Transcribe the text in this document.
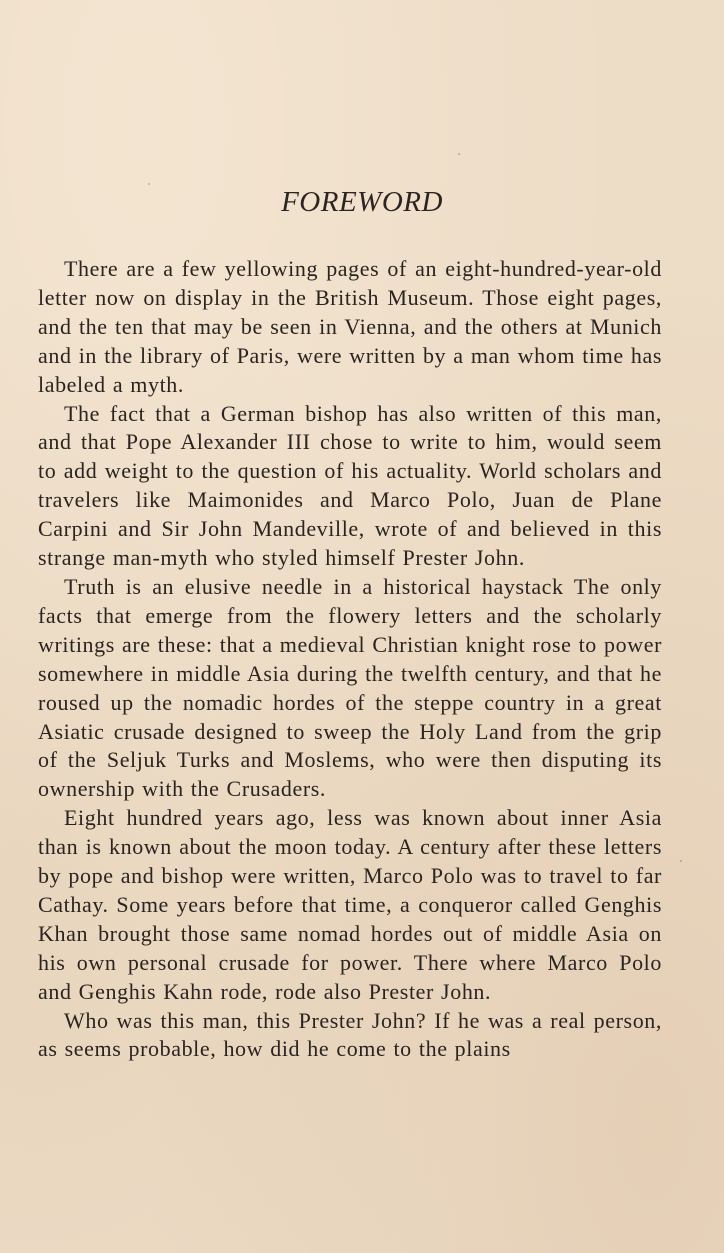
FOREWORD

There are a few yellowing pages of an eight-hundred-year-old letter now on display in the British Museum. Those eight pages, and the ten that may be seen in Vienna, and the others at Munich and in the library of Paris, were written by a man whom time has labeled a myth.

The fact that a German bishop has also written of this man, and that Pope Alexander III chose to write to him, would seem to add weight to the question of his actuality. World scholars and travelers like Maimonides and Marco Polo, Juan de Plane Carpini and Sir John Mandeville, wrote of and believed in this strange man-myth who styled himself Prester John.

Truth is an elusive needle in a historical haystack The only facts that emerge from the flowery letters and the scholarly writings are these: that a medieval Christian knight rose to power somewhere in middle Asia during the twelfth century, and that he roused up the nomadic hordes of the steppe country in a great Asiatic crusade designed to sweep the Holy Land from the grip of the Seljuk Turks and Moslems, who were then disputing its ownership with the Crusaders.

Eight hundred years ago, less was known about inner Asia than is known about the moon today. A century after these letters by pope and bishop were written, Marco Polo was to travel to far Cathay. Some years before that time, a conqueror called Genghis Khan brought those same nomad hordes out of middle Asia on his own personal crusade for power. There where Marco Polo and Genghis Kahn rode, rode also Prester John.

Who was this man, this Prester John? If he was a real person, as seems probable, how did he come to the plains
